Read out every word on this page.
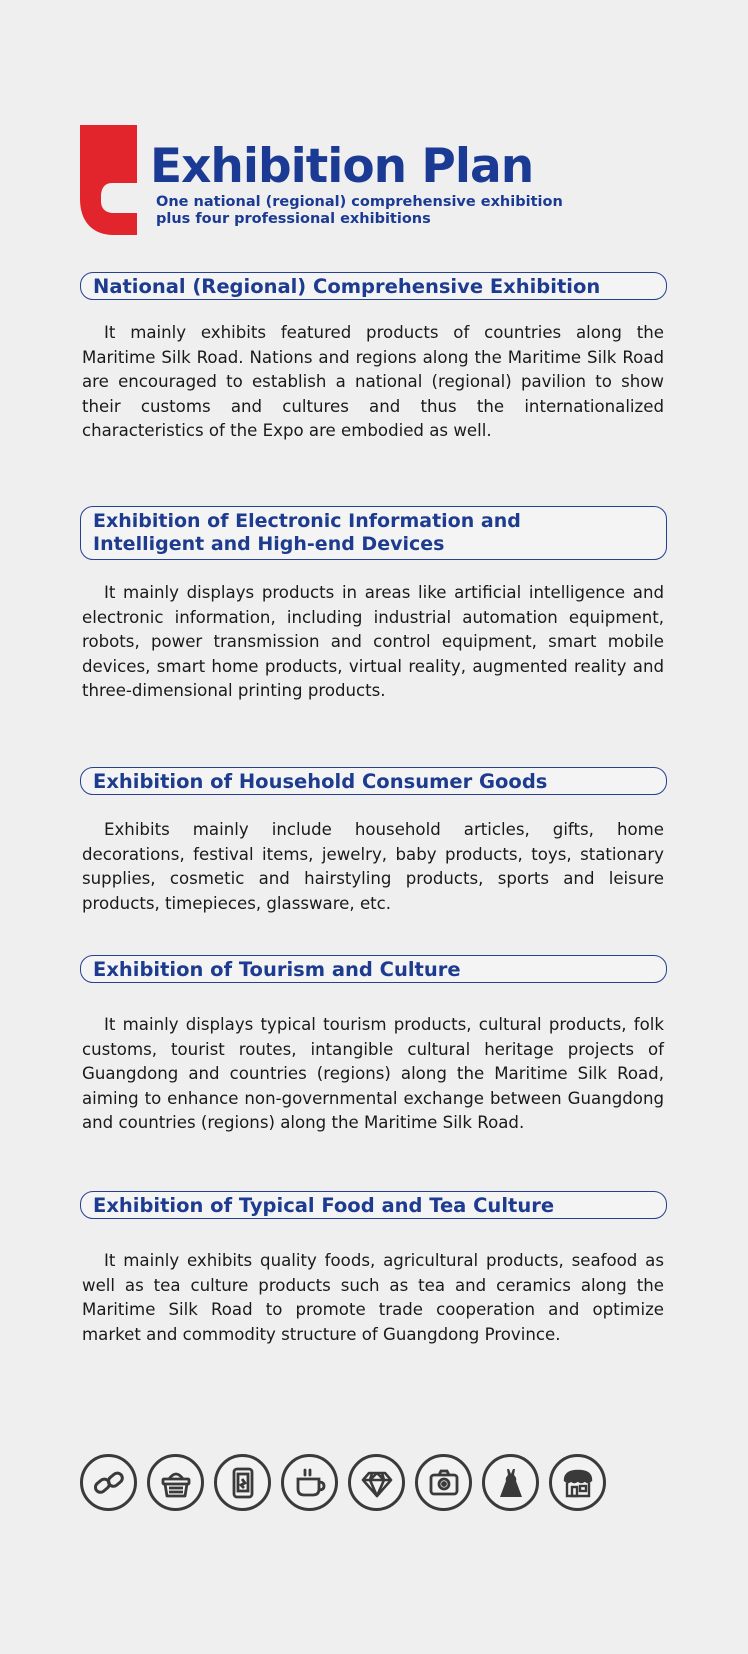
Exhibition Plan
One national (regional) comprehensive exhibition
plus four professional exhibitions
National (Regional) Comprehensive Exhibition

It mainly exhibits featured products of countries along the Maritime Silk Road. Nations and regions along the Maritime Silk Road are encouraged to establish a national (regional) pavilion to show their customs and cultures and thus the internationalized characteristics of the Expo are embodied as well.

Exhibition of Electronic Information and
Intelligent and High-end Devices

It mainly displays products in areas like artificial intelligence and electronic information, including industrial automation equipment, robots, power transmission and control equipment, smart mobile devices, smart home products, virtual reality, augmented reality and three-dimensional printing products.

Exhibition of Household Consumer Goods

Exhibits mainly include household articles, gifts, home decorations, festival items, jewelry, baby products, toys, stationary supplies, cosmetic and hairstyling products, sports and leisure products, timepieces, glassware, etc.

Exhibition of Tourism and Culture

It mainly displays typical tourism products, cultural products, folk customs, tourist routes, intangible cultural heritage projects of Guangdong and countries (regions) along the Maritime Silk Road, aiming to enhance non-governmental exchange between Guangdong and countries (regions) along the Maritime Silk Road.

Exhibition of Typical Food and Tea Culture

It mainly exhibits quality foods, agricultural products, seafood as well as tea culture products such as tea and ceramics along the Maritime Silk Road to promote trade cooperation and optimize market and commodity structure of Guangdong Province.
